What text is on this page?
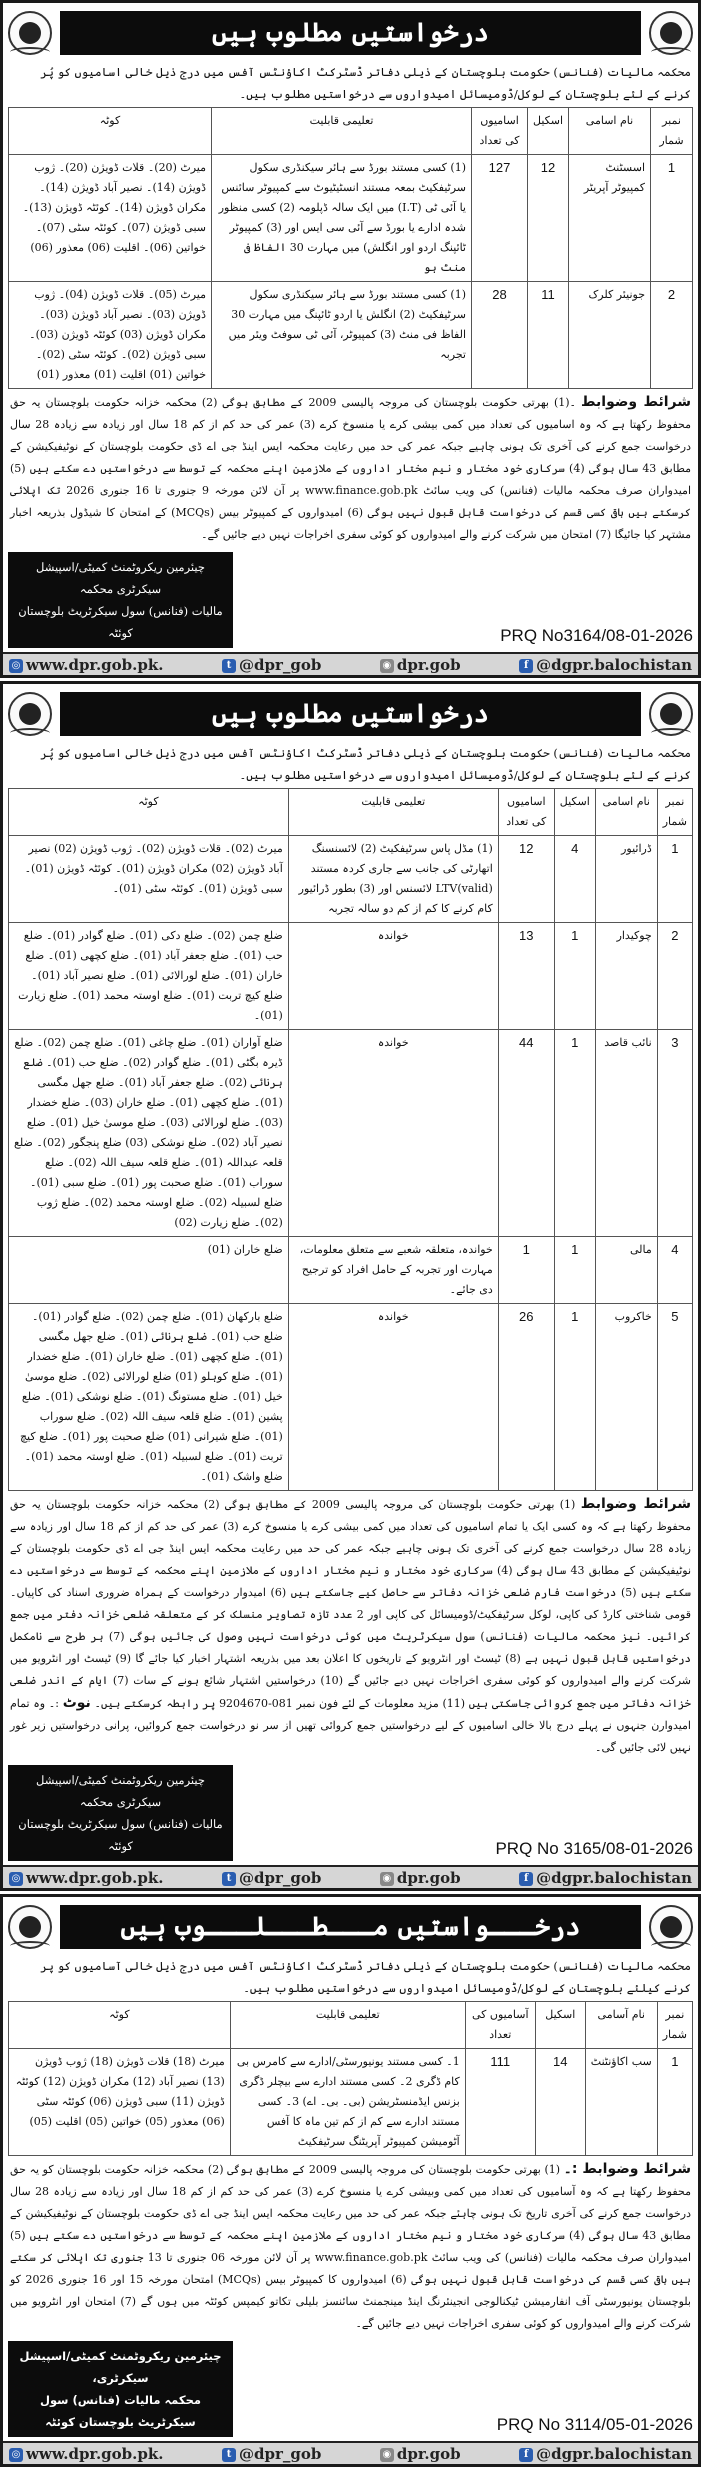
درخواستیں مطلوب ہیں

محکمہ مالیات (فنانس) حکومت بلوچستان کے ذیلی دفاتر ڈسٹرکٹ اکاؤنٹس آفس میں درج ذیل خالی اسامیوں کو پُر کرنے کے لئے بلوچستان کے لوکل/ڈومیسائل امیدواروں سے درخواستیں مطلوب ہیں۔

نمبر شمار	نام اسامی	اسکیل	اسامیوں کی تعداد	تعلیمی قابلیت	کوٹہ
1	اسسٹنٹ کمپیوٹر آپریٹر	12	127	(1) کسی مستند بورڈ سے ہائر سیکنڈری سکول سرٹیفکیٹ بمعہ مستند انسٹیٹیوٹ سے کمپیوٹر سائنس یا آئی ٹی (I.T) میں ایک سالہ ڈپلومہ (2) کسی منظور شدہ ادارے یا بورڈ سے آئی سی ایس اور (3) کمپیوٹر ٹائپنگ اردو اور انگلش) میں مہارت 30 الفاظ فی منٹ ہو	میرٹ (20)۔ قلات ڈویژن (20)۔ ژوب ڈویژن (14)۔ نصیر آباد ڈویژن (14)۔ مکران ڈویژن (14)۔ کوئٹہ ڈویژن (13)۔ سبی ڈویژن (07)۔ کوئٹہ سٹی (07)۔ خواتین (06)۔ اقلیت (06) معذور (06)
2	جونیئر کلرک	11	28	(1) کسی مستند بورڈ سے ہائر سیکنڈری سکول سرٹیفکیٹ (2) انگلش یا اردو ٹائپنگ میں مہارت 30 الفاظ فی منٹ (3) کمپیوٹر، آئی ٹی سوفٹ ویئر میں تجربہ	میرٹ (05)۔ قلات ڈویژن (04)۔ ژوب ڈویژن (03)۔ نصیر آباد ڈویژن (03)۔ مکران ڈویژن (03) کوئٹہ ڈویژن (03)۔ سبی ڈویژن (02)۔ کوئٹہ سٹی (02)۔ خواتین (01) اقلیت (01) معذور (01)

شرائط وضوابط ۔(1) بھرتی حکومت بلوچستان کی مروجہ پالیسی 2009 کے مطابق ہوگی (2) محکمہ خزانہ حکومت بلوچستان یہ حق محفوظ رکھتا ہے کہ وہ اسامیوں کی تعداد میں کمی بیشی کرے یا منسوخ کرے (3) عمر کی حد کم از کم 18 سال اور زیادہ سے زیادہ 28 سال درخواست جمع کرنے کی آخری تک ہونی چاہیے جبکہ عمر کی حد میں رعایت محکمہ ایس اینڈ جی اے ڈی حکومت بلوچستان کے نوٹیفیکیشن کے مطابق 43 سال ہوگی (4) سرکاری خود مختار و نیم مختار اداروں کے ملازمین اپنے محکمہ کے توسط سے درخواستیں دے سکتے ہیں (5) امیدواران صرف محکمہ مالیات (فنانس) کی ویب سائٹ www.finance.gob.pk پر آن لائن مورخہ 9 جنوری تا 16 جنوری 2026 تک اپلائی کرسکتے ہیں باقی کسی قسم کی درخواست قابل قبول نہیں ہوگی (6) امیدواروں کے کمپیوٹر بیس (MCQs) کے امتحان کا شیڈول بذریعہ اخبار مشتہر کیا جائیگا (7) امتحان میں شرکت کرنے والے امیدواروں کو کوئی سفری اخراجات نہیں دیے جائیں گے۔

چیئرمین ریکروٹمنٹ کمیٹی/اسپیشل سیکرٹری محکمہ
مالیات (فنانس) سول سیکرٹریٹ بلوچستان کوئٹہ	PRQ No3164/08-01-2026
◎ www.dpr.gob.pk.	t @dpr_gob	◉ dpr.gob	f @dgpr.balochistan
درخواستیں مطلوب ہیں

محکمہ مالیات (فنانس) حکومت بلوچستان کے ذیلی دفاتر ڈسٹرکٹ اکاؤنٹس آفس میں درج ذیل خالی اسامیوں کو پُر کرنے کے لئے بلوچستان کے لوکل/ڈومیسائل امیدواروں سے درخواستیں مطلوب ہیں۔

نمبر شمار	نام اسامی	اسکیل	اسامیوں کی تعداد	تعلیمی قابلیت	کوٹہ
1	ڈرائیور	4	12	(1) مڈل پاس سرٹیفکیٹ (2) لائسنسنگ اتھارٹی کی جانب سے جاری کردہ مستند LTV(valid) لائسنس اور (3) بطور ڈرائیور کام کرنے کا کم از کم دو سالہ تجربہ	میرٹ (02)۔ قلات ڈویژن (02)۔ ژوب ڈویژن (02) نصیر آباد ڈویژن (02) مکران ڈویژن (01)۔ کوئٹہ ڈویژن (01)۔ سبی ڈویژن (01)۔ کوئٹہ سٹی (01)۔
2	چوکیدار	1	13	خواندہ	ضلع چمن (02)۔ ضلع دکی (01)۔ ضلع گوادر (01)۔ ضلع حب (01)۔ ضلع جعفر آباد (01)۔ ضلع کچھی (01)۔ ضلع خاران (01)۔ ضلع لورالائی (01)۔ ضلع نصیر آباد (01)۔ ضلع کیچ تربت (01)۔ ضلع اوستہ محمد (01)۔ ضلع زیارت (01)۔
3	نائب قاصد	1	44	خواندہ	ضلع آواران (01)۔ ضلع چاغی (01)۔ ضلع چمن (02)۔ ضلع ڈیرہ بگٹی (01)۔ ضلع گوادر (02)۔ ضلع حب (01)۔ ضلع ہرنائی (02)۔ ضلع جعفر آباد (01)۔ ضلع جھل مگسی (01)۔ ضلع کچھی (01)۔ ضلع خاران (03)۔ ضلع خضدار (03)۔ ضلع لورالائی (03)۔ ضلع موسیٰ خیل (01)۔ ضلع نصیر آباد (02)۔ ضلع نوشکی (03) ضلع پنجگور (02)۔ ضلع قلعہ عبداللہ (01)۔ ضلع قلعہ سیف اللہ (02)۔ ضلع سوراب (01)۔ ضلع صحبت پور (01)۔ ضلع سبی (01)۔ ضلع لسبیلہ (02)۔ ضلع اوستہ محمد (02)۔ ضلع ژوب (02)۔ ضلع زیارت (02)
4	مالی	1	1	خواندہ، متعلقہ شعبے سے متعلق معلومات، مہارت اور تجربہ کے حامل افراد کو ترجیح دی جائے۔	ضلع خاران (01)
5	خاکروب	1	26	خواندہ	ضلع بارکھان (01)۔ ضلع چمن (02)۔ ضلع گوادر (01)۔ ضلع حب (01)۔ ضلع ہرنائی (01)۔ ضلع جھل مگسی (01)۔ ضلع کچھی (01)۔ ضلع خاران (01)۔ ضلع خضدار (01)۔ ضلع کوہلو (01) ضلع لورالائی (02)۔ ضلع موسیٰ خیل (01)۔ ضلع مستونگ (01)۔ ضلع نوشکی (01)۔ ضلع پشین (01)۔ ضلع قلعہ سیف اللہ (02)۔ ضلع سوراب (01)۔ ضلع شیرانی (01) ضلع صحبت پور (01)۔ ضلع کیچ تربت (01)۔ ضلع لسبیلہ (01)۔ ضلع اوستہ محمد (01)۔ ضلع واشک (01)۔

شرائط وضوابط (1) بھرتی حکومت بلوچستان کی مروجہ پالیسی 2009 کے مطابق ہوگی (2) محکمہ خزانہ حکومت بلوچستان یہ حق محفوظ رکھتا ہے کہ وہ کسی ایک یا تمام اسامیوں کی تعداد میں کمی بیشی کرے یا منسوخ کرے (3) عمر کی حد کم از کم 18 سال اور زیادہ سے زیادہ 28 سال درخواست جمع کرنے کی آخری تک ہونی چاہیے جبکہ عمر کی حد میں رعایت محکمہ ایس اینڈ جی اے ڈی حکومت بلوچستان کے نوٹیفیکیشن کے مطابق 43 سال ہوگی (4) سرکاری خود مختار و نیم مختار اداروں کے ملازمین اپنے محکمہ کے توسط سے درخواستیں دے سکتے ہیں (5) درخواست فارم ضلعی خزانہ دفاتر سے حاصل کیے جاسکتے ہیں (6) امیدوار درخواست کے ہمراہ ضروری اسناد کی کاپیاں۔ قومی شناختی کارڈ کی کاپی، لوکل سرٹیفکیٹ/ڈومیسائل کی کاپی اور 2 عدد تازہ تصاویر منسلک کر کے متعلقہ ضلعی خزانہ دفتر میں جمع کرائیں۔ نیز محکمہ مالیات (فنانس) سول سیکرٹریٹ میں کوئی درخواست نہیں وصول کی جائیں ہوگی (7) ہر طرح سے نامکمل درخواستیں قابل قبول نہیں ہے (8) ٹیسٹ اور انٹرویو کے تاریخوں کا اعلان بعد میں بذریعہ اشتہار اخبار کیا جائے گا (9) ٹیسٹ اور انٹرویو میں شرکت کرنے والے امیدواروں کو کوئی سفری اخراجات نہیں دیے جائیں گے (10) درخواستیں اشتہار شائع ہونے کے سات (7) ایام کے اندر ضلعی خزانہ دفاتر میں جمع کروائی جاسکتی ہیں (11) مزید معلومات کے لئے فون نمبر 081-9204670 پر رابطہ کرسکتے ہیں۔ نوٹ :۔ وہ تمام امیدوارن جنہوں نے پہلے درج بالا خالی اسامیوں کے لیے درخواستیں جمع کروائی تھیں از سر نو درخواست جمع کروائیں، پرانی درخواستیں زیر غور نہیں لائی جائیں گی۔

چیئرمین ریکروٹمنٹ کمیٹی/اسپیشل سیکرٹری محکمہ
مالیات (فنانس) سول سیکرٹریٹ بلوچستان کوئٹہ	PRQ No 3165/08-01-2026
◎ www.dpr.gob.pk.	t @dpr_gob	◉ dpr.gob	f @dgpr.balochistan
درخـــواستیں مـــطـــلـــوب ہیں

محکمہ مالیات (فنانس) حکومت بلوچستان کے ذیلی دفاتر ڈسٹرکٹ اکاؤنٹس آفس میں درج ذیل خالی آسامیوں کو پر کرنے کیلئے بلوچستان کے لوکل/ڈومیسائل امیدواروں سے درخواستیں مطلوب ہیں۔

نمبر شمار	نام آسامی	اسکیل	آسامیوں کی تعداد	تعلیمی قابلیت	کوٹہ
1	سب اکاؤنٹنٹ	14	111	1۔ کسی مستند یونیورسٹی/ادارے سے کامرس بی کام ڈگری 2۔ کسی مستند ادارے سے بیچلر ڈگری بزنس ایڈمنسٹریشن (بی۔ بی۔ اے) 3۔ کسی مستند ادارے سے کم از کم تین ماہ کا آفس آٹومیشن کمپیوٹر آپریٹنگ سرٹیفکیٹ	میرٹ (18) قلات ڈویژن (18) ژوب ڈویژن (13) نصیر آباد (12) مکران ڈویژن (12) کوئٹہ ڈویژن (11) سبی ڈویژن (06) کوئٹہ سٹی (06) معذور (05) خواتین (05) اقلیت (05)

شرائط وضوابط :۔ (1) بھرتی حکومت بلوچستان کی مروجہ پالیسی 2009 کے مطابق ہوگی (2) محکمہ خزانہ حکومت بلوچستان کو یہ حق محفوظ رکھتا ہے کہ وہ آسامیوں کی تعداد میں کمی وبیشی کرے یا منسوخ کرے (3) عمر کی حد کم از کم 18 سال اور زیادہ سے زیادہ 28 سال درخواست جمع کرنے کی آخری تاریخ تک ہونی چاہئے جبکہ عمر کی حد میں رعایت محکمہ ایس اینڈ جی اے ڈی حکومت بلوچستان کے نوٹیفیکیشن کے مطابق 43 سال ہوگی (4) سرکاری خود مختار و نیم مختار اداروں کے ملازمین اپنے محکمہ کے توسط سے درخواستیں دے سکتے ہیں (5) امیدواران صرف محکمہ مالیات (فنانس) کی ویب سائٹ www.finance.gob.pk پر آن لائن مورخہ 06 جنوری تا 13 جنوری تک اپلائی کر سکتے ہیں باقی کسی قسم کی درخواست قابل قبول نہیں ہوگی (6) امیدواروں کا کمپیوٹر بیس (MCQs) امتحان مورخہ 15 اور 16 جنوری 2026 کو بلوچستان یونیورسٹی آف انفارمیشن ٹیکنالوجی انجینئرنگ اینڈ مینجمنٹ سائنسز بلیلی تکاتو کیمپس کوئٹہ میں ہوں گے (7) امتحان اور انٹرویو میں شرکت کرنے والے امیدواروں کو کوئی سفری اخراجات نہیں دیے جائیں گے۔

چیئرمین ریکروٹمنٹ کمیٹی/اسپیشل سیکرٹری،
محکمہ مالیات (فنانس) سول سیکرٹریٹ بلوچستان کوئٹہ	PRQ No 3114/05-01-2026
◎ www.dpr.gob.pk.	t @dpr_gob	◉ dpr.gob	f @dgpr.balochistan
